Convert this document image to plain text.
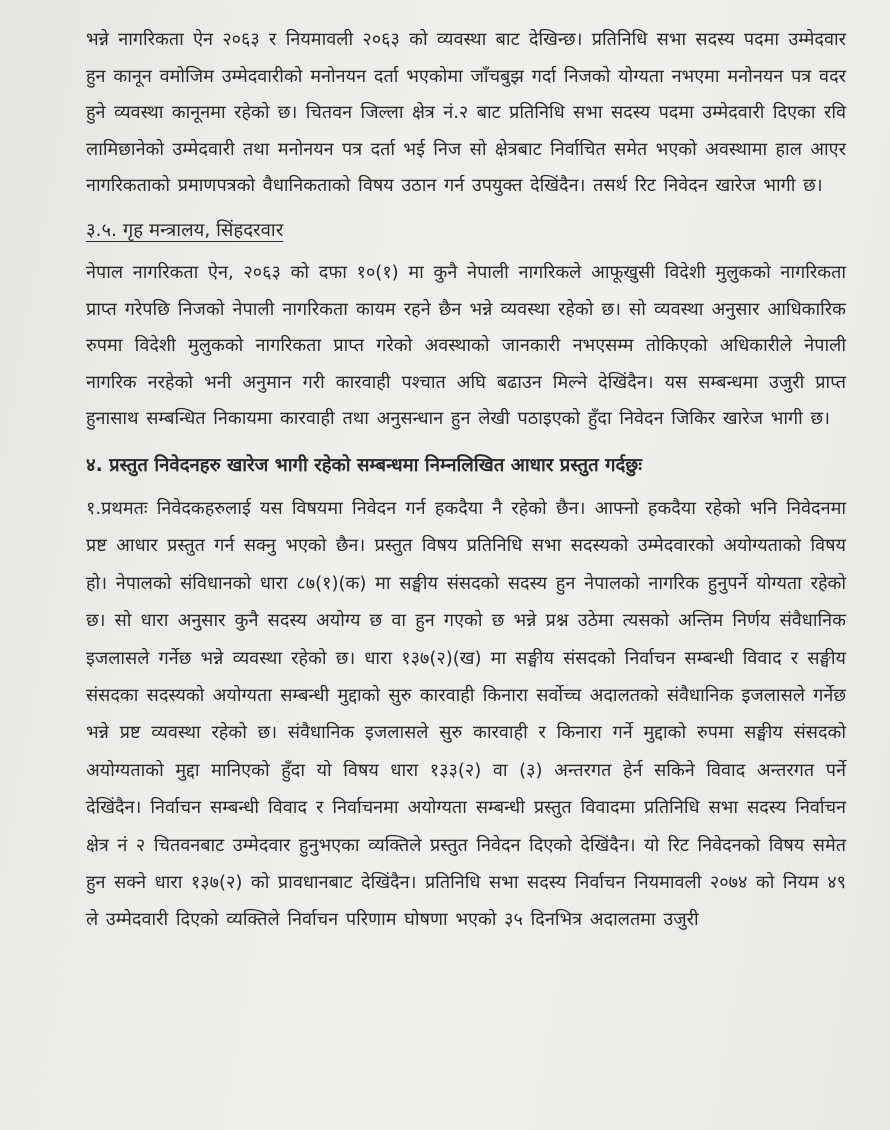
भन्ने नागरिकता ऐन २०६३ र नियमावली २०६३ को व्यवस्था बाट देखिन्छ। प्रतिनिधि सभा सदस्य पदमा उम्मेदवार हुन कानून वमोजिम उम्मेदवारीको मनोनयन दर्ता भएकोमा जाँचबुझ गर्दा निजको योग्यता नभएमा मनोनयन पत्र वदर हुने व्यवस्था कानूनमा रहेको छ। चितवन जिल्ला क्षेत्र नं.२ बाट प्रतिनिधि सभा सदस्य पदमा उम्मेदवारी दिएका रवि लामिछानेको उम्मेदवारी तथा मनोनयन पत्र दर्ता भई निज सो क्षेत्रबाट निर्वाचित समेत भएको अवस्थामा हाल आएर नागरिकताको प्रमाणपत्रको वैधानिकताको विषय उठान गर्न उपयुक्त देखिंदैन। तसर्थ रिट निवेदन खारेज भागी छ।

३.५. गृह मन्त्रालय, सिंहदरवार

नेपाल नागरिकता ऐन, २०६३ को दफा १०(१) मा कुनै नेपाली नागरिकले आफूखुसी विदेशी मुलुकको नागरिकता प्राप्त गरेपछि निजको नेपाली नागरिकता कायम रहने छैन भन्ने व्यवस्था रहेको छ। सो व्यवस्था अनुसार आधिकारिक रुपमा विदेशी मुलुकको नागरिकता प्राप्त गरेको अवस्थाको जानकारी नभएसम्म तोकिएको अधिकारीले नेपाली नागरिक नरहेको भनी अनुमान गरी कारवाही पश्चात अघि बढाउन मिल्ने देखिंदैन। यस सम्बन्धमा उजुरी प्राप्त हुनासाथ सम्बन्धित निकायमा कारवाही तथा अनुसन्धान हुन लेखी पठाइएको हुँदा निवेदन जिकिर खारेज भागी छ।

४. प्रस्तुत निवेदनहरु खारेज भागी रहेको सम्बन्धमा निम्नलिखित आधार प्रस्तुत गर्दछुः

१.प्रथमतः निवेदकहरुलाई यस विषयमा निवेदन गर्न हकदैया नै रहेको छैन। आफ्नो हकदैया रहेको भनि निवेदनमा प्रष्ट आधार प्रस्तुत गर्न सक्नु भएको छैन। प्रस्तुत विषय प्रतिनिधि सभा सदस्यको उम्मेदवारको अयोग्यताको विषय हो। नेपालको संविधानको धारा ८७(१)(क) मा सङ्घीय संसदको सदस्य हुन नेपालको नागरिक हुनुपर्ने योग्यता रहेको छ। सो धारा अनुसार कुनै सदस्य अयोग्य छ वा हुन गएको छ भन्ने प्रश्न उठेमा त्यसको अन्तिम निर्णय संवैधानिक इजलासले गर्नेछ भन्ने व्यवस्था रहेको छ। धारा १३७(२)(ख) मा सङ्घीय संसदको निर्वाचन सम्बन्धी विवाद र सङ्घीय संसदका सदस्यको अयोग्यता सम्बन्धी मुद्दाको सुरु कारवाही किनारा सर्वोच्च अदालतको संवैधानिक इजलासले गर्नेछ भन्ने प्रष्ट व्यवस्था रहेको छ। संवैधानिक इजलासले सुरु कारवाही र किनारा गर्ने मुद्दाको रुपमा सङ्घीय संसदको अयोग्यताको मुद्दा मानिएको हुँदा यो विषय धारा १३३(२) वा (३) अन्तरगत हेर्न सकिने विवाद अन्तरगत पर्ने देखिंदैन। निर्वाचन सम्बन्धी विवाद र निर्वाचनमा अयोग्यता सम्बन्धी प्रस्तुत विवादमा प्रतिनिधि सभा सदस्य निर्वाचन क्षेत्र नं २ चितवनबाट उम्मेदवार हुनुभएका व्यक्तिले प्रस्तुत निवेदन दिएको देखिंदैन। यो रिट निवेदनको विषय समेत हुन सक्ने धारा १३७(२) को प्रावधानबाट देखिंदैन। प्रतिनिधि सभा सदस्य निर्वाचन नियमावली २०७४ को नियम ४९ ले उम्मेदवारी दिएको व्यक्तिले निर्वाचन परिणाम घोषणा भएको ३५ दिनभित्र अदालतमा उजुरी
